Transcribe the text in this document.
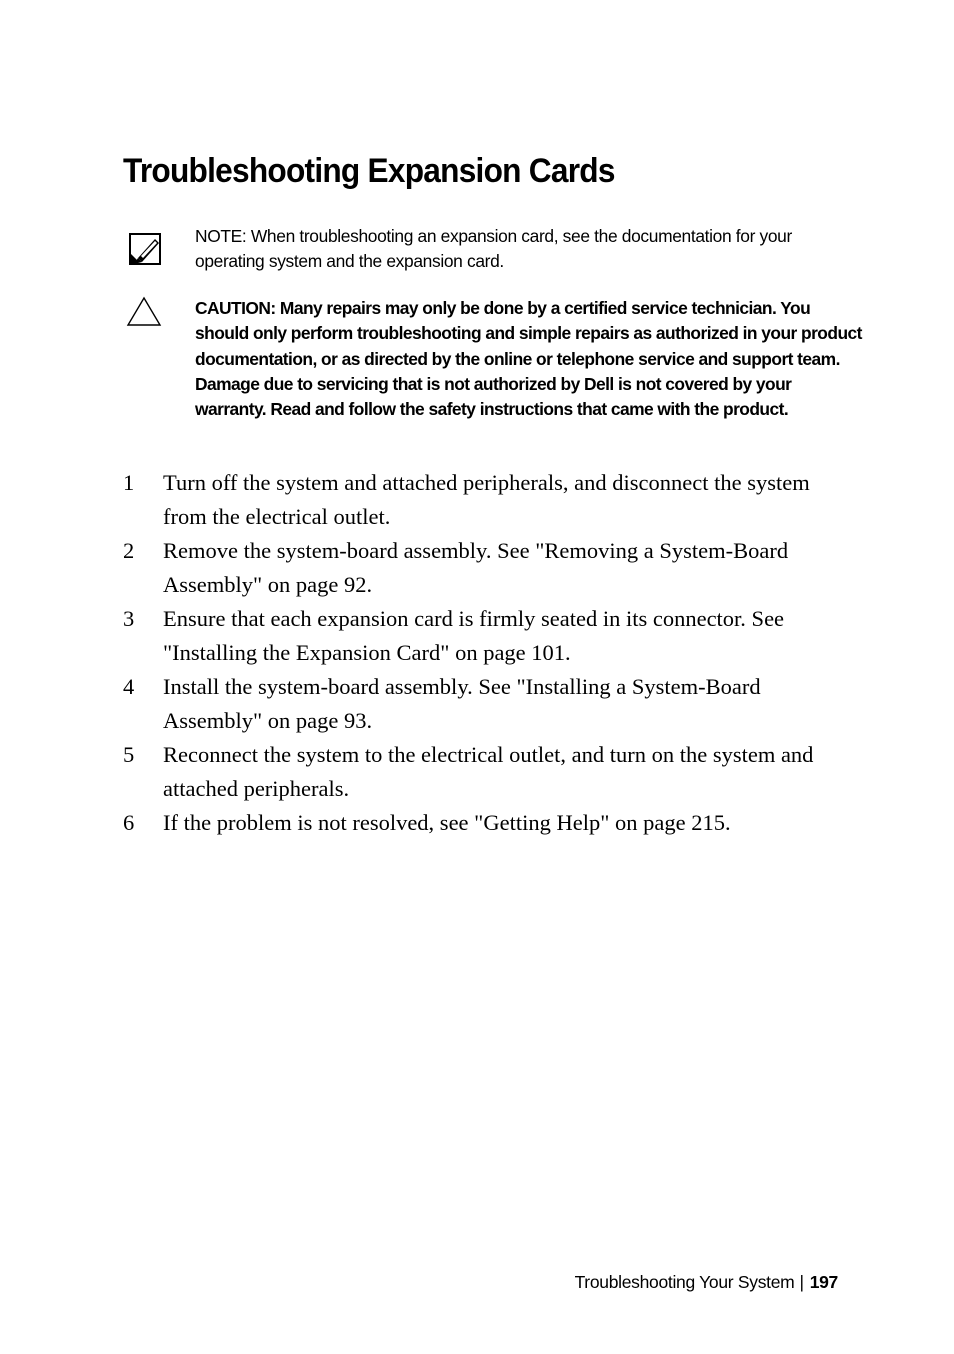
Troubleshooting Expansion Cards
NOTE: When troubleshooting an expansion card, see the documentation for your operating system and the expansion card.
CAUTION: Many repairs may only be done by a certified service technician. You should only perform troubleshooting and simple repairs as authorized in your product documentation, or as directed by the online or telephone service and support team. Damage due to servicing that is not authorized by Dell is not covered by your warranty. Read and follow the safety instructions that came with the product.
1 Turn off the system and attached peripherals, and disconnect the system from the electrical outlet.
2 Remove the system-board assembly. See "Removing a System-Board Assembly" on page 92.
3 Ensure that each expansion card is firmly seated in its connector. See "Installing the Expansion Card" on page 101.
4 Install the system-board assembly. See "Installing a System-Board Assembly" on page 93.
5 Reconnect the system to the electrical outlet, and turn on the system and attached peripherals.
6 If the problem is not resolved, see "Getting Help" on page 215.
Troubleshooting Your System | 197
